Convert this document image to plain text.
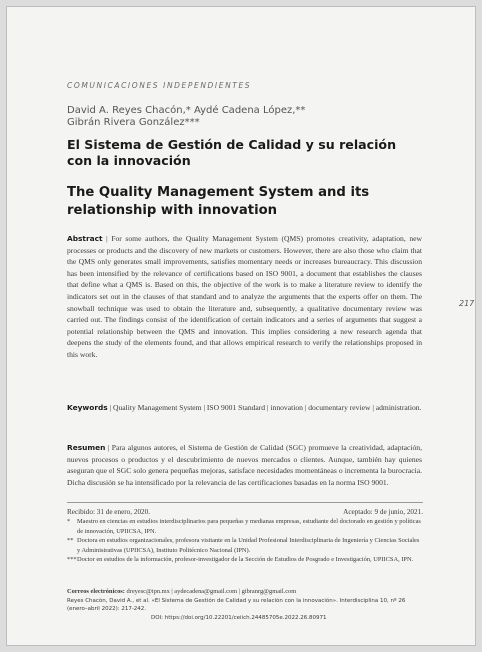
COMUNICACIONES INDEPENDIENTES
David A. Reyes Chacón,* Aydé Cadena López,**
Gibrán Rivera González***
El Sistema de Gestión de Calidad y su relación con la innovación
The Quality Management System and its relationship with innovation
217
Abstract | For some authors, the Quality Management System (QMS) promotes creativity, adaptation, new processes or products and the discovery of new markets or customers. However, there are also those who claim that the QMS only generates small improvements, satisfies momentary needs or increases bureaucracy. This discussion has been intensified by the relevance of certifications based on ISO 9001, a document that establishes the clauses that define what a QMS is. Based on this, the objective of the work is to make a literature review to identify the indicators set out in the clauses of that standard and to analyze the arguments that the experts offer on them. The snowball technique was used to obtain the literature and, subsequently, a qualitative documentary review was carried out. The findings consist of the identification of certain indicators and a series of arguments that suggest a potential relationship between the QMS and innovation. This implies considering a new research agenda that deepens the study of the elements found, and that allows empirical research to verify the relationships proposed in this work.
Keywords | Quality Management System | ISO 9001 Standard | innovation | documentary review | administration.
Resumen | Para algunos autores, el Sistema de Gestión de Calidad (SGC) promueve la creatividad, adaptación, nuevos procesos o productos y el descubrimiento de nuevos mercados o clientes. Aunque, también hay quienes aseguran que el SGC solo genera pequeñas mejoras, satisface necesidades momentáneas o incrementa la burocracia. Dicha discusión se ha intensificado por la relevancia de las certificaciones basadas en la norma ISO 9001.
Recibido: 31 de enero, 2020.	Aceptado: 9 de junio, 2021.
*	Maestro en ciencias en estudios interdisciplinarios para pequeñas y medianas empresas, estudiante del doctorado en gestión y políticas de innovación, UPIICSA, IPN.
** Doctora en estudios organizacionales, profesora visitante en la Unidad Profesional Interdisciplinaria de Ingeniería y Ciencias Sociales y Administrativas (UPIICSA), Instituto Politécnico Nacional (IPN).
*** Doctor en estudios de la información, profesor-investigador de la Sección de Estudios de Posgrado e Investigación, UPIICSA, IPN.
Correos electrónicos: dreyesc@ipn.mx | aydecadena@gmail.com | gibranrg@gmail.com
Reyes Chacón, David A., et al. «El Sistema de Gestión de Calidad y su relación con la innovación». Interdisciplina 10, nº 26 (enero–abril 2022): 217-242.
DOI: https://doi.org/10.22201/ceiich.24485705e.2022.26.80971
